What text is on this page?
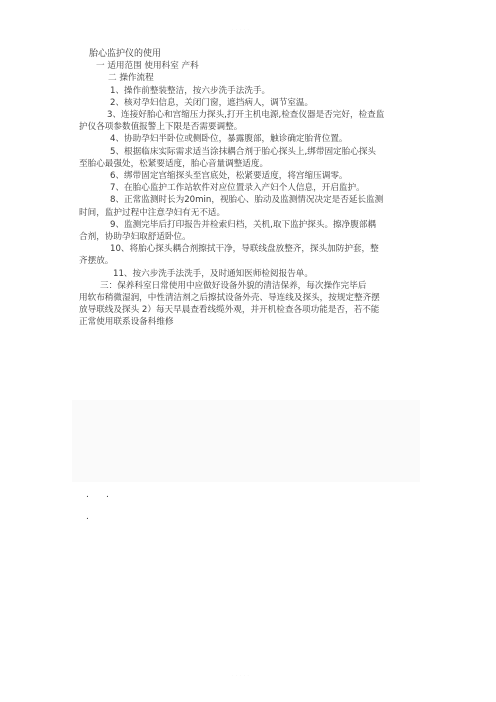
· · · · ·
胎心监护仪的使用
一 适用范围 使用科室 产科
二 操作流程
1、操作前整装整洁，按六步洗手法洗手。
2、核对孕妇信息，关闭门窗，遮挡病人，调节室温。
3、连接好胎心和宫缩压力探头,打开主机电源,检查仪器是否完好，检查监
护仪各项参数值报警上下限是否需要调整。
4、协助孕妇半卧位或侧卧位，暴露腹部，触诊确定胎背位置。
5、根据临床实际需求适当涂抹耦合剂于胎心探头上,绑带固定胎心探头
至胎心最强处，松紧要适度，胎心音量调整适度。
6、绑带固定宫缩探头至宫底处，松紧要适度，将宫缩压调零。
7、在胎心监护工作站软件对应位置录入产妇个人信息，开启监护。
8、正常监测时长为20min，视胎心、胎动及监测情况决定是否延长监测
时间，监护过程中注意孕妇有无不适。
9、监测完毕后打印报告并检索归档，关机,取下监护探头。擦净腹部耦
合剂，协助孕妇取舒适卧位。
10、将胎心探头耦合剂擦拭干净，导联线盘放整齐，探头加防护套，整
齐摆放。
11、按六步洗手法洗手，及时通知医师检阅报告单。
三：保养科室日常使用中应做好设备外貌的清洁保养，每次操作完毕后
用软布稍微湿润，中性清洁剂之后擦拭设备外壳、导连线及探头，按规定整齐摆
放导联线及探头 2）每天早晨查看线缆外观，并开机检查各项功能是否，若不能
正常使用联系设备科维修
.      .
.
· · · · ·
